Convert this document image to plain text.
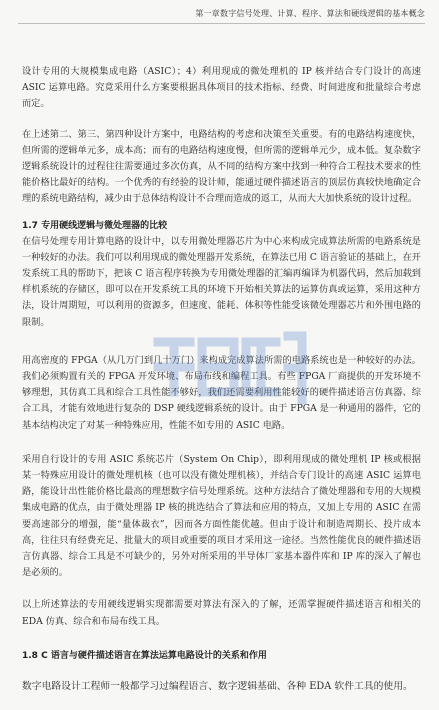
第一章数字信号处理、计算、程序、算法和硬线逻辑的基本概念

设计专用的大规模集成电路（ASIC）；4）利用现成的微处理机的 IP 核并结合专门设计的高速 ASIC 运算电路。究竟采用什么方案要根据具体项目的技术指标、经费、时间进度和批量综合考虑而定。

在上述第二、第三、第四种设计方案中，电路结构的考虑和决策至关重要。有的电路结构速度快，但所需的逻辑单元多，成本高；而有的电路结构速度慢，但所需的逻辑单元少，成本低。复杂数字逻辑系统设计的过程往往需要通过多次仿真，从不同的结构方案中找到一种符合工程技术要求的性能价格比最好的结构。一个优秀的有经验的设计师，能通过硬件描述语言的顶层仿真较快地确定合理的系统电路结构，减少由于总体结构设计不合理而造成的返工，从而大大加快系统的设计过程。

1.7 专用硬线逻辑与微处理器的比较

在信号处理专用计算电路的设计中，以专用微处理器芯片为中心来构成完成算法所需的电路系统是一种较好的办法。我们可以利用现成的微处理器开发系统，在算法已用 C 语言验证的基础上，在开发系统工具的帮助下，把该 C 语言程序转换为专用微处理器的汇编再编译为机器代码，然后加载到样机系统的存储区，即可以在开发系统工具的环境下开始相关算法的运算仿真或运算，采用这种方法，设计周期短，可以利用的资源多，但速度、能耗、体积等性能受该微处理器芯片和外围电路的限制。

用高密度的 FPGA（从几万门到几十万门）来构成完成算法所需的电路系统也是一种较好的办法。我们必须购置有关的 FPGA 开发环境、布局布线和编程工具。有些 FPGA 厂商提供的开发环境不够理想，其仿真工具和综合工具性能不够好，我们还需要利用性能较好的硬件描述语言仿真器、综合工具，才能有效地进行复杂的 DSP 硬线逻辑系统的设计。由于 FPGA 是一种通用的器件，它的基本结构决定了对某一种特殊应用，性能不如专用的 ASIC 电路。

采用自行设计的专用 ASIC 系统芯片（System On Chip），即利用现成的微处理机 IP 核或根据某一特殊应用设计的微处理机核（也可以没有微处理机核），并结合专门设计的高速 ASIC 运算电路，能设计出性能价格比最高的理想数字信号处理系统。这种方法结合了微处理器和专用的大规模集成电路的优点，由于微处理器 IP 核的挑选结合了算法和应用的特点，又加上专用的 ASIC 在需要高速部分的增强，能“量体裁衣”，因而各方面性能优越。但由于设计和制造周期长、投片成本高，往往只有经费充足、批量大的项目或重要的项目才采用这一途径。当然性能优良的硬件描述语言仿真器、综合工具是不可缺少的，另外对所采用的半导体厂家基本器件库和 IP 库的深入了解也是必须的。

以上所述算法的专用硬线逻辑实现都需要对算法有深入的了解，还需掌握硬件描述语言和相关的 EDA 仿真、综合和布局布线工具。

1.8 C 语言与硬件描述语言在算法运算电路设计的关系和作用

数字电路设计工程师一般都学习过编程语言、数字逻辑基础、各种 EDA 软件工具的使用。
